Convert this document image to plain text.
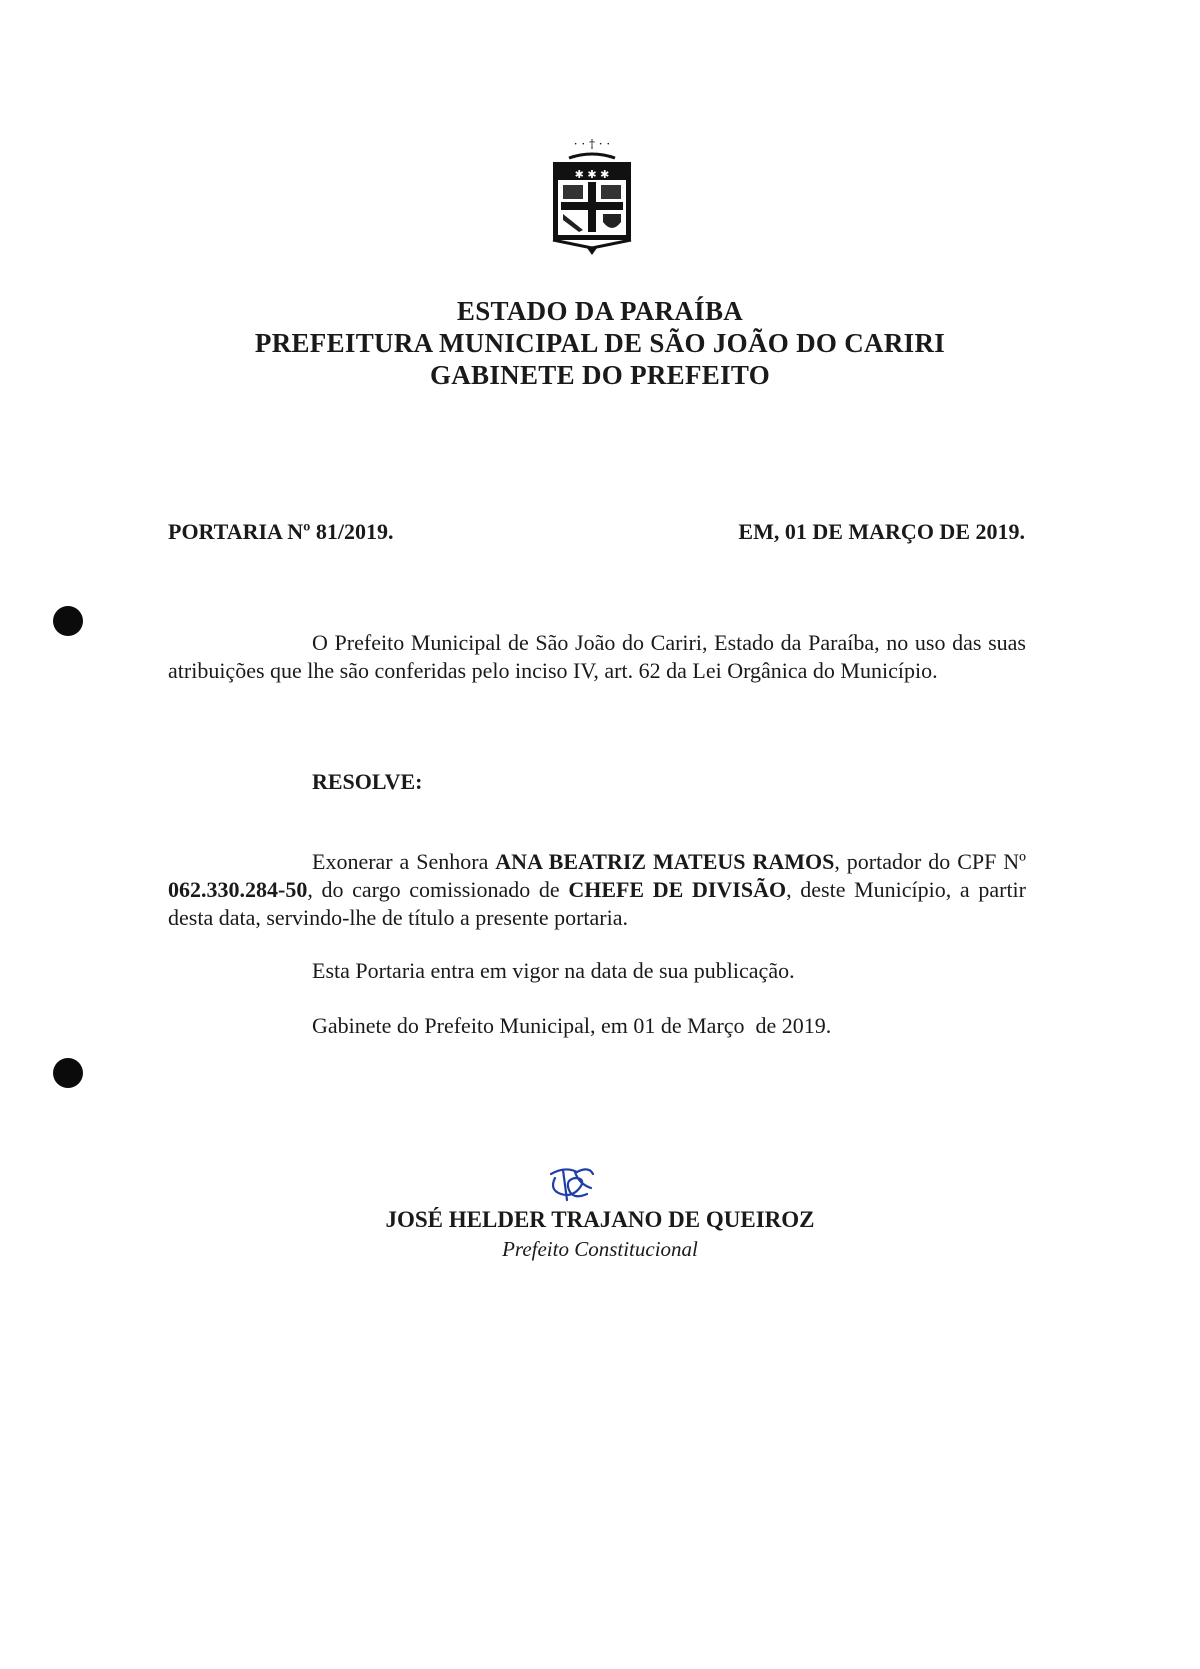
· · † · ·
✱ ✱ ✱
ESTADO DA PARAÍBA
PREFEITURA MUNICIPAL DE SÃO JOÃO DO CARIRI
GABINETE DO PREFEITO
PORTARIA Nº 81/2019.	EM, 01 DE MARÇO DE 2019.
O Prefeito Municipal de São João do Cariri, Estado da Paraíba, no uso das suas atribuições que lhe são conferidas pelo inciso IV, art. 62 da Lei Orgânica do Município.
RESOLVE:
Exonerar a Senhora ANA BEATRIZ MATEUS RAMOS, portador do CPF Nº 062.330.284-50, do cargo comissionado de CHEFE DE DIVISÃO, deste Município, a partir desta data, servindo-lhe de título a presente portaria.
Esta Portaria entra em vigor na data de sua publicação.
Gabinete do Prefeito Municipal, em 01 de Março  de 2019.
JOSÉ HELDER TRAJANO DE QUEIROZ
Prefeito Constitucional
